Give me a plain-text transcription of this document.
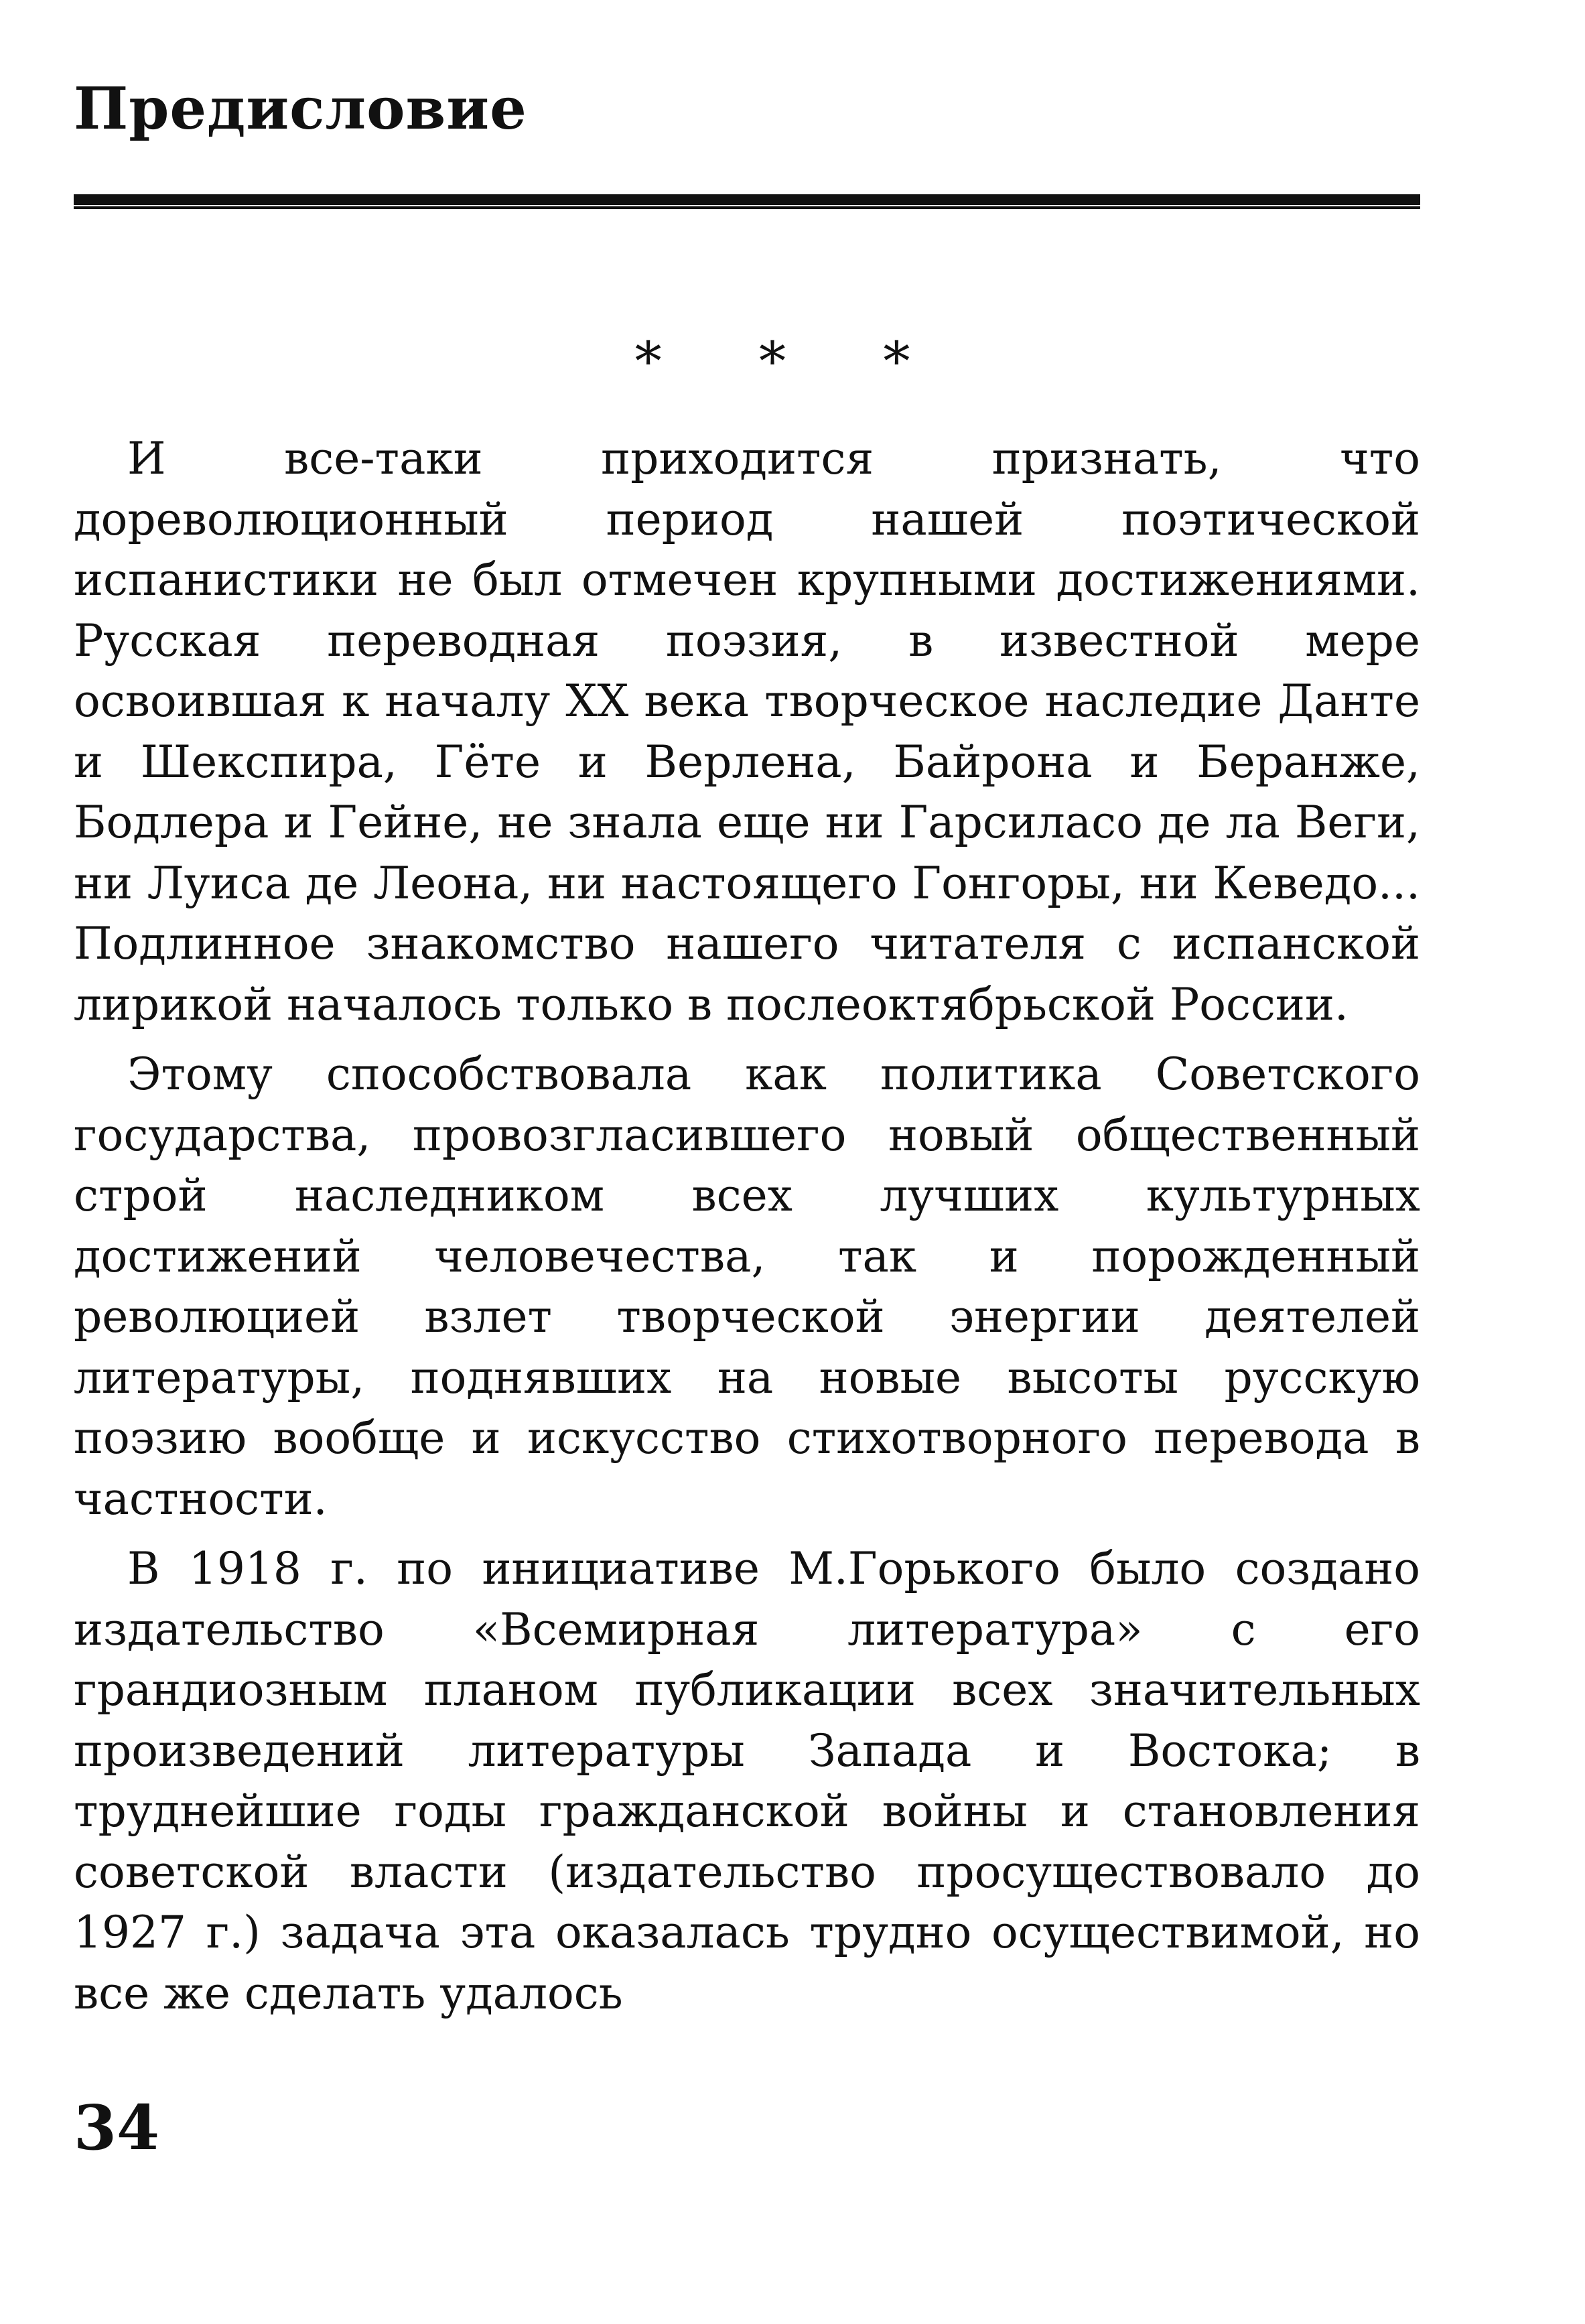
Предисловие
* * *

И все-таки приходится признать, что дореволюционный период нашей поэтической испанистики не был отмечен крупными достижениями. Русская переводная поэзия, в известной мере освоившая к началу XX века творческое наследие Данте и Шекспира, Гёте и Верлена, Байрона и Беранже, Бодлера и Гейне, не знала еще ни Гарсиласо де ла Веги, ни Луиса де Леона, ни настоящего Гонгоры, ни Кеведо... Подлинное знакомство нашего читателя с испанской лирикой началось только в послеоктябрьской России.

Этому способствовала как политика Советского государства, провозгласившего новый общественный строй наследником всех лучших культурных достижений человечества, так и порожденный революцией взлет творческой энергии деятелей литературы, поднявших на новые высоты русскую поэзию вообще и искусство стихотворного перевода в частности.

В 1918 г. по инициативе М.Горького было создано издательство «Всемирная литература» с его грандиозным планом публикации всех значительных произведений литературы Запада и Востока; в труднейшие годы гражданской войны и становления советской власти (издательство просуществовало до 1927 г.) задача эта оказалась трудно осуществимой, но все же сделать удалось

34
